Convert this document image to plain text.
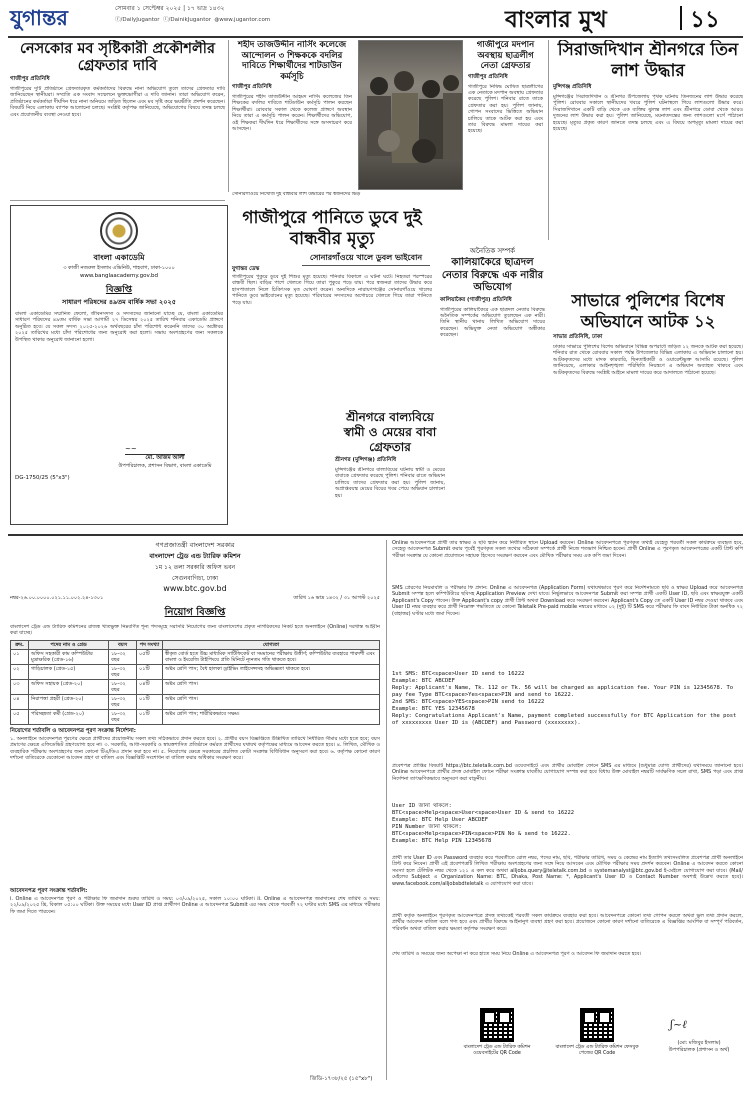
যুগান্তর	সোমবার ১ সেপ্টেম্বর ২০২৫ | ১৭ ভাদ্র ১৪৩২
ⓕ/DailyJugantor ⓣ/DainikJugantor ◍www.jugantor.com	বাংলার মুখ	১১
নেসকোর মব সৃষ্টিকারী প্রকৌশলীর গ্রেফতার দাবি
গাজীপুর প্রতিনিধি
গাজীপুরের দুটি প্রতিষ্ঠানে গ্রেফতারকৃত কর্মকর্তাদের বিরুদ্ধে নানা অভিযোগ তুলে তাদের গ্রেফতার দাবি জানিয়েছেন স্থানীয়রা। সম্প্রতি এক সংবাদ সম্মেলনে ভুক্তভোগীরা এ দাবি জানান। তারা অভিযোগ করেন, প্রতিষ্ঠানের কর্মকর্তারা দীর্ঘদিন ধরে নানা অনিয়মে জড়িত ছিলেন এবং মব সৃষ্টি করে ভয়ভীতি প্রদর্শন করেছেন। বিষয়টি নিয়ে এলাকায় ব্যাপক আলোচনা চলছে। সংশ্লিষ্ট কর্তৃপক্ষ জানিয়েছে, অভিযোগের বিষয়ে তদন্ত চলছে এবং প্রয়োজনীয় ব্যবস্থা নেওয়া হবে।
শহীদ তাজউদ্দীন নার্সিং কলেজে আন্দোলন ৩ শিক্ষককে বদলির দাবিতে শিক্ষার্থীদের শাটডাউন কর্মসূচি
গাজীপুর প্রতিনিধি
গাজীপুরের শহীদ তাজউদ্দীন আহমদ নার্সিং কলেজের তিন শিক্ষকের বদলির দাবিতে শাটডাউন কর্মসূচি পালন করছেন শিক্ষার্থীরা। রোববার সকাল থেকে কলেজ প্রাঙ্গণে অবস্থান নিয়ে তারা এ কর্মসূচি পালন করেন। শিক্ষার্থীদের অভিযোগ, ওই শিক্ষকরা দীর্ঘদিন ধরে শিক্ষার্থীদের সঙ্গে অসদাচরণ করে আসছেন।
সোনারগাঁওয়ে নিখোঁজ দুই বান্ধবীর লাশ উদ্ধারের পর স্বজনদের ভিড়
গাজীপুরে মদপান অবস্থায় ছাত্রলীগ নেতা গ্রেফতার
গাজীপুর প্রতিনিধি
গাজীপুরে নিষিদ্ধ ঘোষিত ছাত্রলীগের এক নেতাকে মদপান অবস্থায় গ্রেফতার করেছে পুলিশ। শনিবার রাতে তাকে গ্রেফতার করা হয়। পুলিশ জানায়, গোপন সংবাদের ভিত্তিতে অভিযান চালিয়ে তাকে আটক করা হয় এবং তার বিরুদ্ধে মামলা দায়ের করা হয়েছে।
সিরাজদিখান শ্রীনগরে তিন লাশ উদ্ধার
মুন্সিগঞ্জ প্রতিনিধি
মুন্সিগঞ্জের সিরাজদিখান ও শ্রীনগর উপজেলায় পৃথক ঘটনায় তিনজনের লাশ উদ্ধার করেছে পুলিশ। রোববার সকালে স্থানীয়দের খবরে পুলিশ ঘটনাস্থলে গিয়ে লাশগুলো উদ্ধার করে। সিরাজদিখানে একটি বাড়ি থেকে এক ব্যক্তির ঝুলন্ত লাশ এবং শ্রীনগরে ডোবা থেকে আরও দুজনের লাশ উদ্ধার করা হয়। পুলিশ জানিয়েছে, ময়নাতদন্তের জন্য লাশগুলো মর্গে পাঠানো হয়েছে। মৃত্যুর প্রকৃত কারণ জানতে তদন্ত চলছে এবং এ বিষয়ে অপমৃত্যু মামলা দায়ের করা হয়েছে।
গাজীপুরে পানিতে ডুবে দুই বান্ধবীর মৃত্যু
সোনারগাঁওয়ে খালে ডুবল ভাইবোন
যুগান্তর ডেস্ক
গাজীপুরের পুকুরে ডুবে দুই শিশুর মৃত্যু হয়েছে। শনিবার বিকালে এ ঘটনা ঘটে। নিহতরা পরস্পরের বান্ধবী ছিল। বাড়ির পাশে খেলতে গিয়ে তারা পুকুরে পড়ে যায়। পরে স্বজনরা তাদের উদ্ধার করে হাসপাতালে নিলে চিকিৎসক মৃত ঘোষণা করেন। অন্যদিকে নারায়ণগঞ্জের সোনারগাঁওয়ে খালের পানিতে ডুবে ভাইবোনের মৃত্যু হয়েছে। পরিবারের সদস্যদের অগোচরে খেলতে গিয়ে তারা পানিতে পড়ে যায়।
অনৈতিক সম্পর্ক
কালিয়াকৈরে ছাত্রদল নেতার বিরুদ্ধে এক নারীর অভিযোগ
কালিয়াকৈর (গাজীপুর) প্রতিনিধি
গাজীপুরের কালিয়াকৈরে এক ছাত্রদল নেতার বিরুদ্ধে অনৈতিক সম্পর্কের অভিযোগ তুলেছেন এক নারী। তিনি স্থানীয় থানায় লিখিত অভিযোগ দায়ের করেছেন। অভিযুক্ত নেতা অভিযোগ অস্বীকার করেছেন।
শ্রীনগরে বাল্যবিয়ে স্বামী ও মেয়ের বাবা গ্রেফতার
শ্রীনগর (মুন্সিগঞ্জ) প্রতিনিধি
মুন্সিগঞ্জের শ্রীনগরে বাল্যবিয়ের ঘটনায় স্বামী ও মেয়ের বাবাকে গ্রেফতার করেছে পুলিশ। শনিবার রাতে অভিযান চালিয়ে তাদের গ্রেফতার করা হয়। পুলিশ জানায়, অপ্রাপ্তবয়স্ক মেয়ের বিয়ের খবর পেয়ে অভিযান চালানো হয়।
সাভারে পুলিশের বিশেষ অভিযানে আটক ১২
সাভার প্রতিনিধি, ঢাকা
ঢাকার সাভারে পুলিশের বিশেষ অভিযানে বিভিন্ন অপরাধে জড়িত ১২ জনকে আটক করা হয়েছে। শনিবার রাত থেকে রোববার সকাল পর্যন্ত উপজেলার বিভিন্ন এলাকায় এ অভিযান চালানো হয়। আটককৃতদের মধ্যে মাদক কারবারি, ছিনতাইকারী ও ওয়ারেন্টভুক্ত আসামি রয়েছে। পুলিশ জানিয়েছে, এলাকার আইনশৃঙ্খলা পরিস্থিতি নিয়ন্ত্রণে এ অভিযান অব্যাহত থাকবে এবং আটককৃতদের বিরুদ্ধে সংশ্লিষ্ট আইনে মামলা দায়ের করে আদালতে পাঠানো হয়েছে।
বাংলা একাডেমি
৩ কাজী নজরুল ইসলাম এভিনিউ, শাহবাগ, ঢাকা-১০০০
www.banglaacademy.gov.bd
বিজ্ঞপ্তি
সাধারণ পরিষদের ৪৯তম বার্ষিক সভা ২০২৫
বাংলা একাডেমির সম্মানিত ফেলো, জীবনসদস্য ও সদস্যদের জানানো যাচ্ছে যে, বাংলা একাডেমির সাধারণ পরিষদের ৪৯তম বার্ষিক সভা আগামী ২৭ ডিসেম্বর ২০২৫ তারিখ শনিবার একাডেমি প্রাঙ্গণে অনুষ্ঠিত হবে। যে সকল সদস্য ২০২৫-২০২৬ অর্থবছরের চাঁদা পরিশোধ করেননি তাদের ৩০ অক্টোবর ২০২৫ তারিখের মধ্যে চাঁদা পরিশোধের জন্য অনুরোধ করা হলো। সভায় অংশগ্রহণের জন্য সকলকে উপস্থিত থাকার অনুরোধ জানানো হলো।
~~
মো. আজম আলী
উপপরিচালক, প্রশাসন বিভাগ, বাংলা একাডেমি
DG-1750/25 (5"x3")
গণপ্রজাতন্ত্রী বাংলাদেশ সরকার
বাংলাদেশ ট্রেড এন্ড ট্যারিফ কমিশন
১ম ১২ তলা সরকারি অফিস ভবন
সেগুনবাগিচা, ঢাকা
www.btc.gov.bd
নম্বর-২৬.০০.০০০০.০২১.১১.০০২.২৪-১৩০১	তারিখ ১৬ ভাদ্র ১৪৩২ / ৩১ আগস্ট ২০২৫
নিয়োগ বিজ্ঞপ্তি
বাংলাদেশ ট্রেড এন্ড ট্যারিফ কমিশনের রাজস্ব খাতভুক্ত নিম্নবর্ণিত শূন্য পদসমূহে সরাসরি নিয়োগের জন্য বাংলাদেশের প্রকৃত নাগরিকদের নিকট হতে অনলাইনে (Online) দরখাস্ত আহ্বান করা যাচ্ছে।
ক্রম.	পদের নাম ও গ্রেড	বয়স	পদ সংখ্যা	যোগ্যতা
০১	অফিস সহকারী কাম কম্পিউটার মুদ্রাক্ষরিক (গ্রেড-১৬)	১৮-৩২ বছর	০৫টি	স্বীকৃত বোর্ড হতে উচ্চ মাধ্যমিক সার্টিফিকেট বা সমমানের পরীক্ষায় উত্তীর্ণ; কম্পিউটার ব্যবহারে পারদর্শী এবং বাংলা ও ইংরেজি টাইপিংয়ে প্রতি মিনিটে ন্যূনতম গতি থাকতে হবে।
০২	গাড়িচালক (গ্রেড-১৫)	১৮-৩২ বছর	০১টি	অষ্টম শ্রেণি পাস; বৈধ হালকা ড্রাইভিং লাইসেন্সসহ অভিজ্ঞতা থাকতে হবে।
০৩	অফিস সহায়ক (গ্রেড-২০)	১৮-৩২ বছর	০৪টি	অষ্টম শ্রেণি পাস।
০৪	নিরাপত্তা প্রহরী (গ্রেড-২০)	১৮-৩২ বছর	০১টি	অষ্টম শ্রেণি পাস।
০৫	পরিচ্ছন্নতা কর্মী (গ্রেড-২০)	১৮-৩২ বছর	০১টি	অষ্টম শ্রেণি পাস; শারীরিকভাবে সক্ষম।
নিয়োগের শর্তাবলি ও আবেদনপত্র পূরণ সংক্রান্ত নির্দেশনা:
১. অনলাইনে আবেদনপত্র পূরণের ক্ষেত্রে প্রার্থীদের প্রয়োজনীয় সকল তথ্য সঠিকভাবে প্রদান করতে হবে। ২. প্রার্থীর বয়স বিজ্ঞপ্তিতে উল্লিখিত তারিখে নির্ধারিত সীমার মধ্যে হতে হবে; বয়স প্রমাণের ক্ষেত্রে এফিডেভিট গ্রহণযোগ্য হবে না। ৩. সরকারি, আধা-সরকারি ও স্বায়ত্তশাসিত প্রতিষ্ঠানে কর্মরত প্রার্থীদের যথাযথ কর্তৃপক্ষের মাধ্যমে আবেদন করতে হবে। ৪. লিখিত, মৌখিক ও ব্যবহারিক পরীক্ষায় অংশগ্রহণের জন্য কোনো টিএ/ডিএ প্রদান করা হবে না। ৫. নিয়োগের ক্ষেত্রে সরকারের প্রচলিত কোটা সংক্রান্ত বিধিবিধান অনুসরণ করা হবে। ৬. কর্তৃপক্ষ কোনো কারণ দর্শানো ব্যতিরেকে যেকোনো আবেদন গ্রহণ বা বাতিল এবং বিজ্ঞপ্তিটি সংশোধন বা বাতিল করার অধিকার সংরক্ষণ করে।
আবেদনপত্র পূরণ সংক্রান্ত শর্তাবলি:
i. Online এ আবেদনপত্র পূরণ ও পরীক্ষার ফি জমাদান শুরুর তারিখ ও সময়: ০৩/০৯/২০২৫, সকাল ১০:০০ ঘটিকা। ii. Online এ আবেদনপত্র জমাদানের শেষ তারিখ ও সময়: ২২/০৯/২০২৫ খ্রি, বিকাল ০৫:০০ ঘটিকা। উক্ত সময়ের মধ্যে User ID প্রাপ্ত প্রার্থীগণ Online এ আবেদনপত্র Submit এর সময় থেকে পরবর্তী ৭২ ঘণ্টার মধ্যে SMS এর মাধ্যমে পরীক্ষার ফি জমা দিতে পারবেন।
Online আবেদনপত্রে প্রার্থী তার স্বাক্ষর ও ছবি স্ক্যান করে নির্ধারিত স্থানে Upload করবেন। Online আবেদনপত্রে পূরণকৃত তথ্যই যেহেতু পরবর্তী সকল কার্যক্রমে ব্যবহৃত হবে, সেহেতু আবেদনপত্র Submit করার পূর্বেই পূরণকৃত সকল তথ্যের সঠিকতা সম্পর্কে প্রার্থী নিজে শতভাগ নিশ্চিত হবেন। প্রার্থী Online এ পূরণকৃত আবেদনপত্রের একটি প্রিন্ট কপি পরীক্ষা সংক্রান্ত যে কোনো প্রয়োজনে সহায়ক হিসেবে সংরক্ষণ করবেন এবং মৌখিক পরীক্ষার সময় এক কপি জমা দিবেন।
SMS প্রেরণের নিয়মাবলি ও পরীক্ষার ফি প্রদান: Online এ আবেদনপত্র (Application Form) যথাযথভাবে পূরণ করে নির্দেশনামতে ছবি ও স্বাক্ষর Upload করে আবেদনপত্র Submit সম্পন্ন হলে কম্পিউটারে ছবিসহ Application Preview দেখা যাবে। নির্ভুলভাবে আবেদনপত্র Submit করা সম্পন্ন প্রার্থী একটি User ID, ছবি এবং স্বাক্ষরযুক্ত একটি Applicant's Copy পাবেন। উক্ত Applicant's copy প্রার্থী প্রিন্ট অথবা Download করে সংরক্ষণ করবেন। Applicant's Copy তে একটি User ID নম্বর দেওয়া থাকবে এবং User ID নম্বর ব্যবহার করে প্রার্থী নিম্নোক্ত পদ্ধতিতে যে কোনো Teletalk Pre-paid mobile নম্বরের মাধ্যমে ০২ (দুই) টি SMS করে পরীক্ষার ফি বাবদ নির্ধারিত টাকা অনধিক ৭২ (বাহাত্তর) ঘণ্টার মধ্যে জমা দিবেন।
1st SMS: BTC<space>User ID send to 16222
Example: BTC ABCDEF
Reply: Applicant's Name, Tk. 112 or Tk. 56 will be charged as application fee. Your PIN is 12345678. To pay fee Type BTC<space>Yes<space>PIN and send to 16222.
2nd SMS: BTC<space>YES<space>PIN send to 16222
Example: BTC YES 12345678
Reply: Congratulations Applicant's Name, payment completed successfully for BTC Application for the post of xxxxxxxxx User ID is (ABCDEF) and Password (xxxxxxxx).
প্রবেশপত্র প্রাপ্তির বিষয়টি https://btc.teletalk.com.bd ওয়েবসাইটে এবং প্রার্থীর মোবাইল ফোনে SMS এর মাধ্যমে (শুধুমাত্র যোগ্য প্রার্থীদের) যথাসময়ে জানানো হবে। Online আবেদনপত্রে প্রার্থীর প্রদত্ত মোবাইল ফোনে পরীক্ষা সংক্রান্ত যাবতীয় যোগাযোগ সম্পন্ন করা হবে বিধায় উক্ত মোবাইল নম্বরটি সার্বক্ষণিক সচল রাখা, SMS পড়া এবং প্রাপ্ত নির্দেশনা তাৎক্ষণিকভাবে অনুসরণ করা বাঞ্ছনীয়।
User ID জানা থাকলে:
BTC<space>Help<space>User<space>User ID & send to 16222
Example: BTC Help User ABCDEF
PIN Number জানা থাকলে:
BTC<space>Help<space>PIN<space>PIN No & send to 16222.
Example: BTC Help PIN 12345678
প্রার্থী তার User ID এবং Password ব্যবহার করে পরবর্তীতে রোল নম্বর, পদের নাম, ছবি, পরীক্ষার তারিখ, সময় ও কেন্দ্রের নাম ইত্যাদি তথ্যসংবলিত প্রবেশপত্র প্রার্থী অনলাইনে প্রিন্ট করে নিবেন। প্রার্থী এই প্রবেশপত্রটি লিখিত পরীক্ষায় অংশগ্রহণের জন্য সঙ্গে নিয়ে আসবেন এবং মৌখিক পরীক্ষার সময় প্রদর্শন করবেন। Online এ আবেদন করতে কোনো সমস্যা হলে টেলিটক নম্বর থেকে ১২১ এ কল করে অথবা alljobs.query@teletalk.com.bd ও systemanalyst@btc.gov.bd ই-মেইলে যোগাযোগ করা যাবে। (Mail/মেইলের Subject এ Organization Name: BTC, Dhaka, Post Name: *, Applicant's User ID ও Contact Number অবশ্যই উল্লেখ করতে হবে)। www.facebook.com/alljobsbdteletalk এ যোগাযোগ করা যাবে।
প্রার্থী কর্তৃক অনলাইনে পূরণকৃত আবেদনপত্রে প্রদত্ত তথ্যকেই পরবর্তী সকল কার্যক্রমে ব্যবহার করা হবে। আবেদনপত্রে কোনো তথ্য গোপন করলে অথবা ভুল তথ্য প্রদান করলে, প্রার্থীর আবেদন বাতিল বলে গণ্য হবে এবং প্রার্থীর বিরুদ্ধে আইনানুগ ব্যবস্থা গ্রহণ করা হবে। প্রয়োজনে কোনো কারণ দর্শানো ব্যতিরেকে এ বিজ্ঞপ্তির আংশিক বা সম্পূর্ণ পরিবর্তন, পরিবর্ধন অথবা বাতিল করার ক্ষমতা কর্তৃপক্ষ সংরক্ষণ করে।
শেষ তারিখ ও সময়ের জন্য অপেক্ষা না করে হাতে সময় নিয়ে Online এ আবেদনপত্র পূরণ ও আবেদন ফি জমাদান করতে হবে।
বাংলাদেশ ট্রেড এন্ড ট্যারিফ কমিশন ওয়েবসাইটের QR Code
বাংলাদেশ ট্রেড এন্ড ট্যারিফ কমিশন ফেসবুক পেজের QR Code
ʃ~ℓ
(মো: মজিবুর ইসলাম)
উপপরিচালক (প্রশাসন ও অর্থ)
জিডি-১৭৩৮/২৫ (১৫"x৮")
